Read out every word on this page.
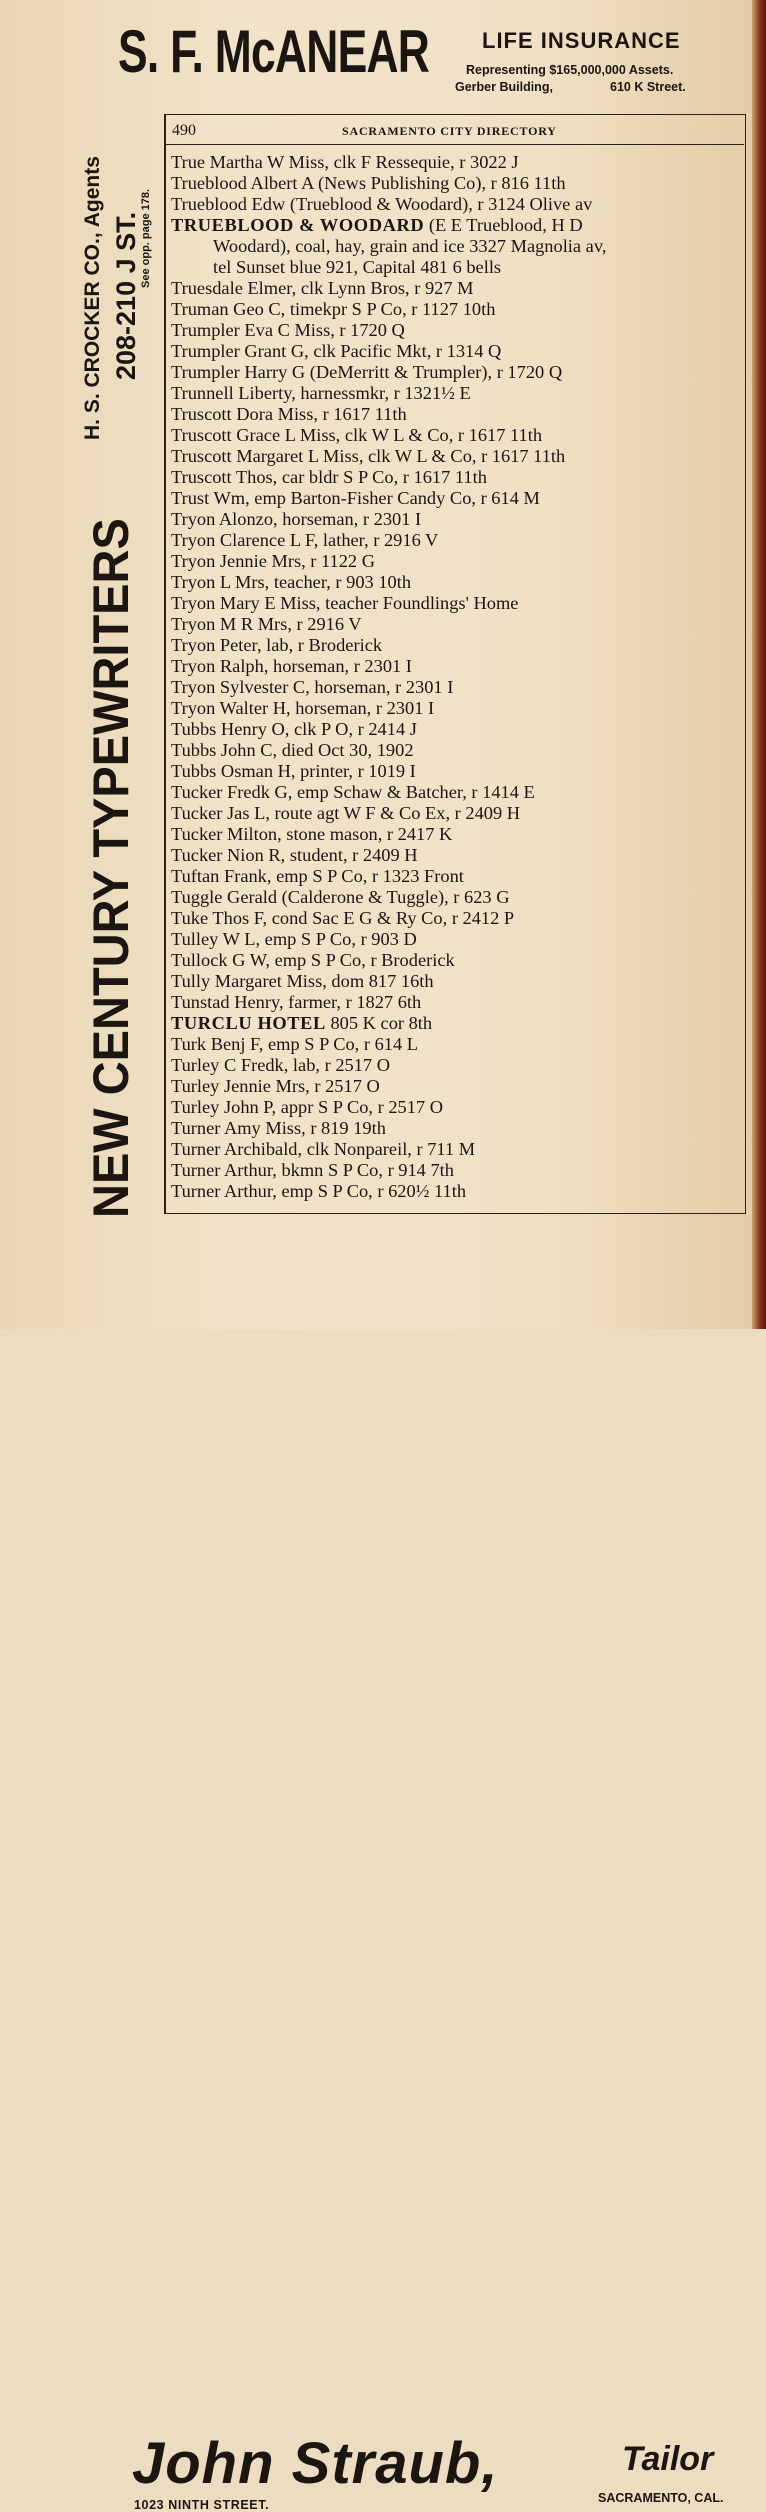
S. F. McANEAR LIFE INSURANCE
Representing $165,000,000 Assets.
Gerber Building,	610 K Street.
NEW CENTURY TYPEWRITERS
H. S. CROCKER CO., Agents 208-210 J ST. See opp. page 178.
490	SACRAMENTO CITY DIRECTORY
True Martha W Miss, clk F Ressequie, r 3022 J
Trueblood Albert A (News Publishing Co), r 816 11th
Trueblood Edw (Trueblood & Woodard), r 3124 Olive av
TRUEBLOOD & WOODARD (E E Trueblood, H D
Woodard), coal, hay, grain and ice 3327 Magnolia av,
tel Sunset blue 921, Capital 481 6 bells
Truesdale Elmer, clk Lynn Bros, r 927 M
Truman Geo C, timekpr S P Co, r 1127 10th
Trumpler Eva C Miss, r 1720 Q
Trumpler Grant G, clk Pacific Mkt, r 1314 Q
Trumpler Harry G (DeMerritt & Trumpler), r 1720 Q
Trunnell Liberty, harnessmkr, r 1321½ E
Truscott Dora Miss, r 1617 11th
Truscott Grace L Miss, clk W L & Co, r 1617 11th
Truscott Margaret L Miss, clk W L & Co, r 1617 11th
Truscott Thos, car bldr S P Co, r 1617 11th
Trust Wm, emp Barton-Fisher Candy Co, r 614 M
Tryon Alonzo, horseman, r 2301 I
Tryon Clarence L F, lather, r 2916 V
Tryon Jennie Mrs, r 1122 G
Tryon L Mrs, teacher, r 903 10th
Tryon Mary E Miss, teacher Foundlings' Home
Tryon M R Mrs, r 2916 V
Tryon Peter, lab, r Broderick
Tryon Ralph, horseman, r 2301 I
Tryon Sylvester C, horseman, r 2301 I
Tryon Walter H, horseman, r 2301 I
Tubbs Henry O, clk P O, r 2414 J
Tubbs John C, died Oct 30, 1902
Tubbs Osman H, printer, r 1019 I
Tucker Fredk G, emp Schaw & Batcher, r 1414 E
Tucker Jas L, route agt W F & Co Ex, r 2409 H
Tucker Milton, stone mason, r 2417 K
Tucker Nion R, student, r 2409 H
Tuftan Frank, emp S P Co, r 1323 Front
Tuggle Gerald (Calderone & Tuggle), r 623 G
Tuke Thos F, cond Sac E G & Ry Co, r 2412 P
Tulley W L, emp S P Co, r 903 D
Tullock G W, emp S P Co, r Broderick
Tully Margaret Miss, dom 817 16th
Tunstad Henry, farmer, r 1827 6th
TURCLU HOTEL 805 K cor 8th
Turk Benj F, emp S P Co, r 614 L
Turley C Fredk, lab, r 2517 O
Turley Jennie Mrs, r 2517 O
Turley John P, appr S P Co, r 2517 O
Turner Amy Miss, r 819 19th
Turner Archibald, clk Nonpareil, r 711 M
Turner Arthur, bkmn S P Co, r 914 7th
Turner Arthur, emp S P Co, r 620½ 11th
John Straub,	Tailor
1023 NINTH STREET.	SACRAMENTO, CAL.
